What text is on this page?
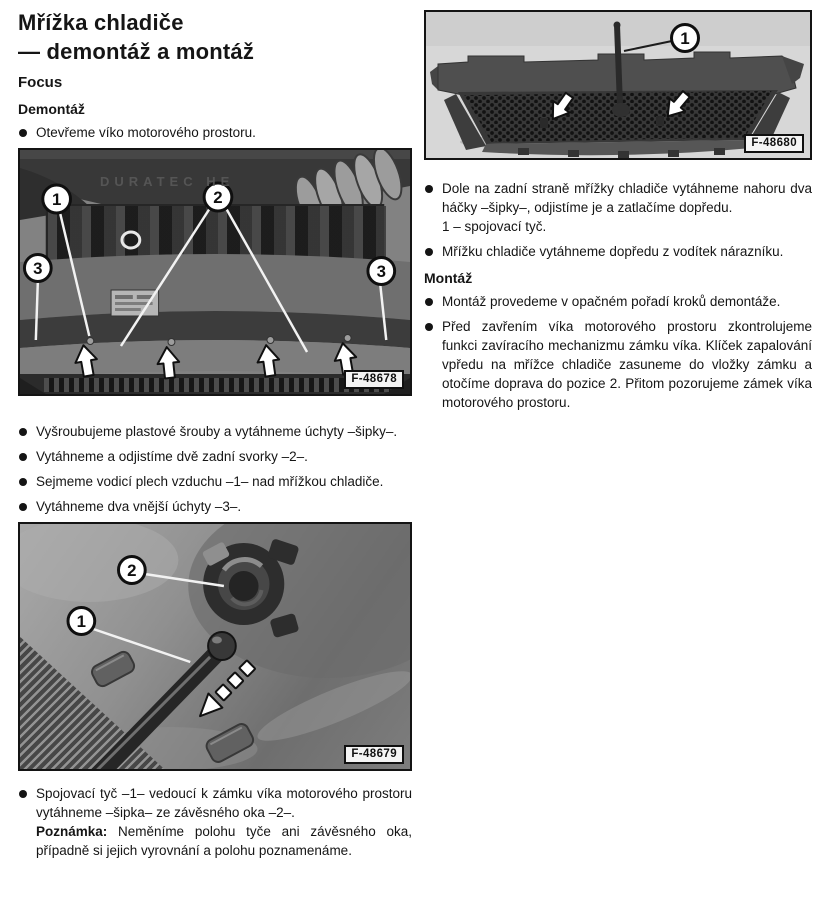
Mřížka chladiče
— demontáž a montáž
Focus
Demontáž
Otevřeme víko motorového prostoru.
1	2
3	3
DURATEC HE
F-48678
Vyšroubujeme plastové šrouby a vytáhneme úchyty –šipky–.
Vytáhneme a odjistíme dvě zadní svorky –2–.
Sejmeme vodicí plech vzduchu –1– nad mřížkou chladiče.
Vytáhneme dva vnější úchyty –3–.
2
1
F-48679
Spojovací tyč –1– vedoucí k zámku víka motorového prostoru vytáhneme –šipka– ze závěsného oka –2–.
Poznámka: Neměníme polohu tyče ani závěsného oka, případně si jejich vyrovnání a polohu poznamenáme.
1
F-48680
Dole na zadní straně mřížky chladiče vytáhneme nahoru dva háčky –šipky–, odjistíme je a zatlačíme dopředu.
1 – spojovací tyč.
Mřížku chladiče vytáhneme dopředu z vodítek nárazníku.
Montáž
Montáž provedeme v opačném pořadí kroků demontáže.
Před zavřením víka motorového prostoru zkontrolujeme funkci zavíracího mechanizmu zámku víka. Klíček zapalování vpředu na mřížce chladiče zasuneme do vložky zámku a otočíme doprava do pozice 2. Přitom pozorujeme zámek víka motorového prostoru.
